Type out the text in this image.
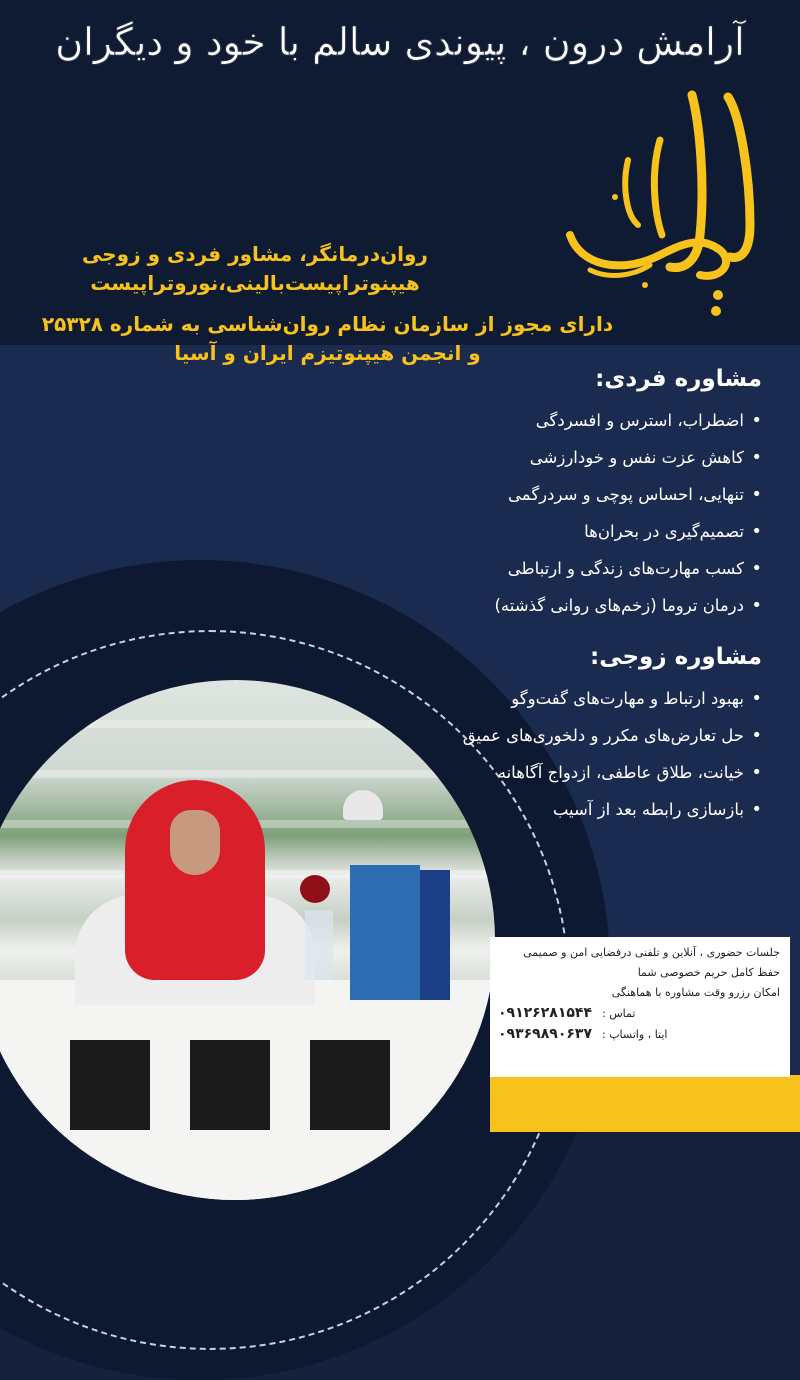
آرامش درون ، پیوندی سالم با خود و دیگران
روان‌درمانگر، مشاور فردی و زوجی
هیپنوتراپیست‌بالینی،نوروتراپیست
دارای مجوز از سازمان نظام روان‌شناسی به شماره ۲۵۳۲۸
و انجمن هیپنوتیزم ایران و آسیا
مشاوره فردی:
• اضطراب، استرس و افسردگی
• کاهش عزت نفس و خودارزشی
• تنهایی، احساس پوچی و سردرگمی
• تصمیم‌گیری در بحران‌ها
• کسب مهارت‌های زندگی و ارتباطی
• درمان تروما (زخم‌های روانی گذشته)
مشاوره زوجی:
• بهبود ارتباط و مهارت‌های گفت‌وگو
• حل تعارض‌های مکرر و دلخوری‌های عمیق
• خیانت، طلاق عاطفی، ازدواج آگاهانه
• بازسازی رابطه بعد از آسیب
جلسات حضوری ، آنلاین و تلفنی درفضایی امن و صمیمی
حفظ کامل حریم خصوصی شما
امکان رزرو وقت مشاوره با هماهنگی
تماس :
۰۹۱۲۶۲۸۱۵۴۴
ایتا ، واتساپ :
۰۹۳۶۹۸۹۰۶۳۷
